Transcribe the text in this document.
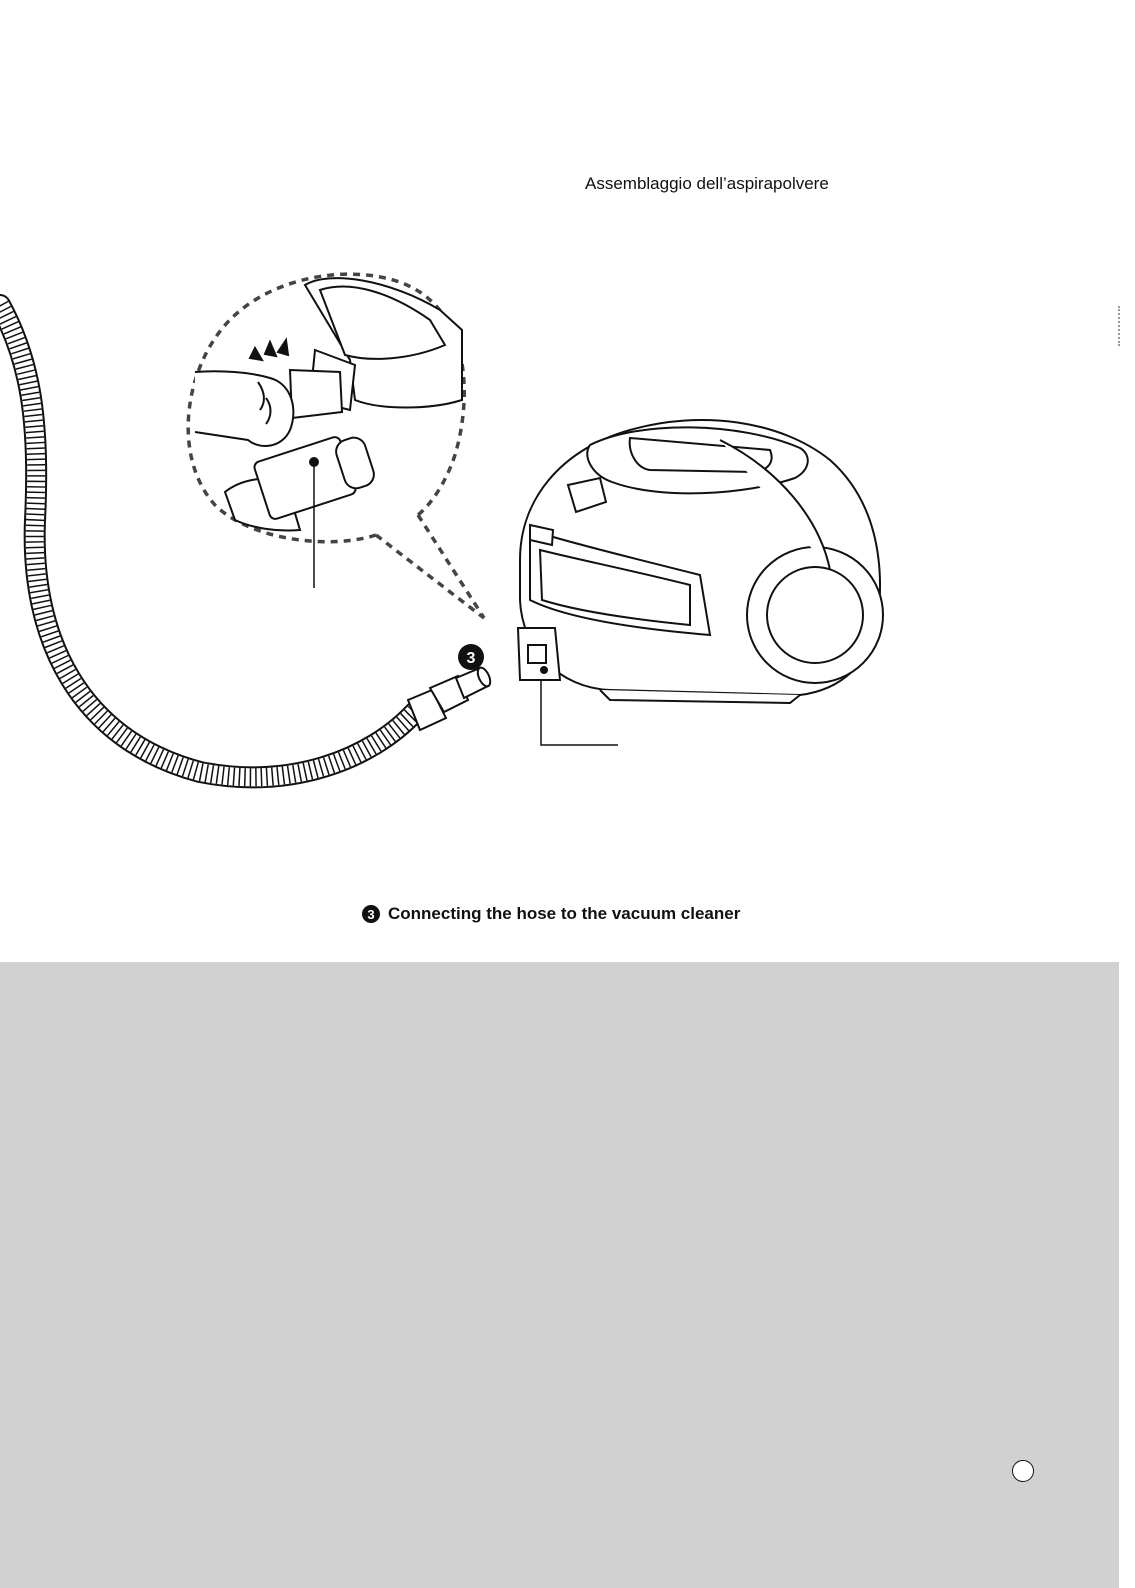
Assemblaggio dell’aspirapolvere
3
3 Connecting the hose to the vacuum cleaner
